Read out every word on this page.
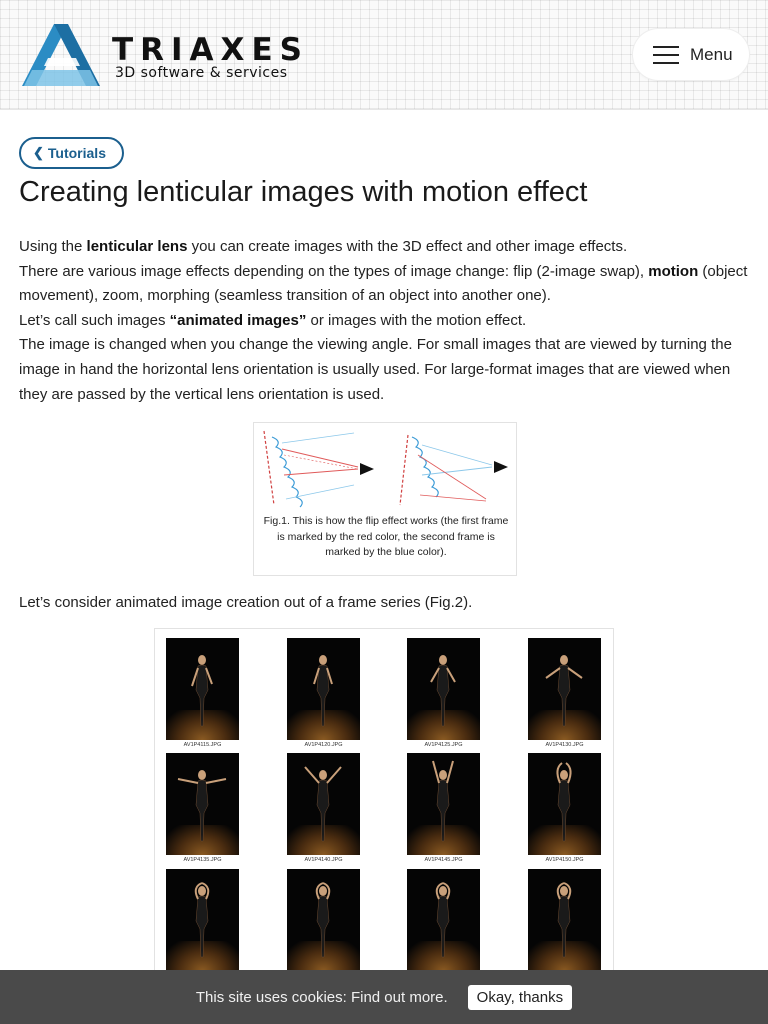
TRIAXES
3D software & services
Menu
❮ Tutorials
Creating lenticular images with motion effect

Using the lenticular lens you can create images with the 3D effect and other image effects.

There are various image effects depending on the types of image change: flip (2-image swap), motion (object movement), zoom, morphing (seamless transition of an object into another one).

Let’s call such images “animated images” or images with the motion effect.

The image is changed when you change the viewing angle. For small images that are viewed by turning the image in hand the horizontal lens orientation is usually used. For large-format images that are viewed when they are passed by the vertical lens orientation is used.

Fig.1. This is how the flip effect works (the first frame is marked by the red color, the second frame is marked by the blue color).

Let’s consider animated image creation out of a frame series (Fig.2).

AV1P4115.JPG	AV1P4120.JPG	AV1P4125.JPG	AV1P4130.JPG
AV1P4135.JPG	AV1P4140.JPG	AV1P4145.JPG	AV1P4150.JPG
This site uses cookies: Find out more.	Okay, thanks
